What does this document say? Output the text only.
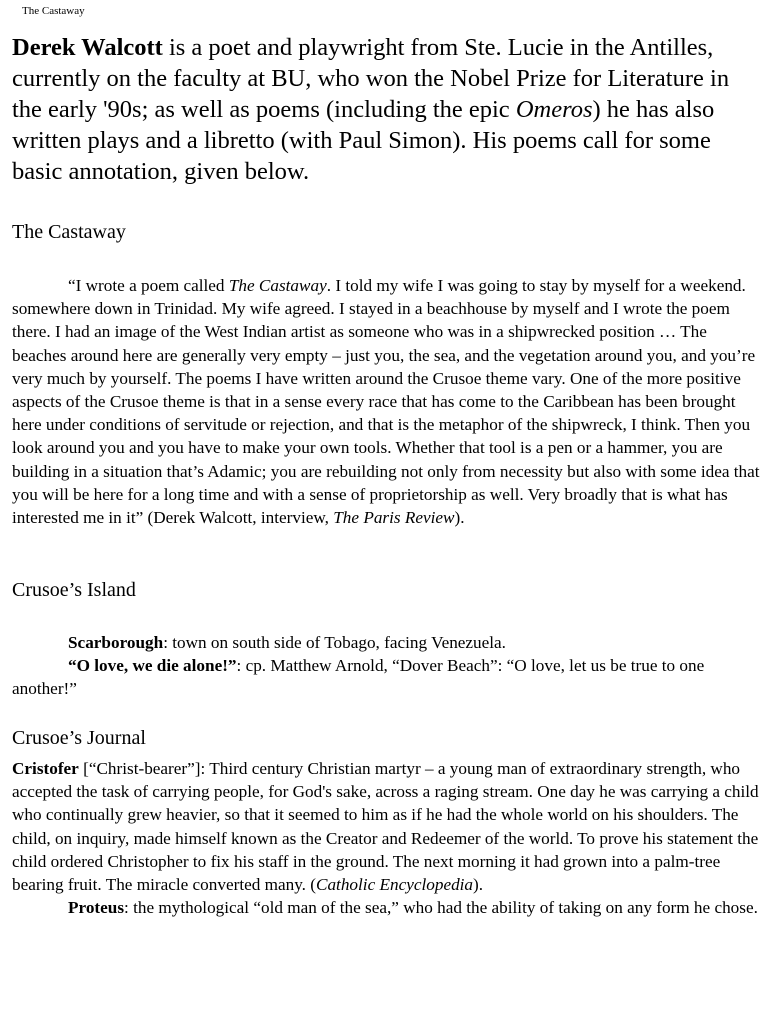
The Castaway
Derek Walcott is a poet and playwright from Ste. Lucie in the Antilles, currently on the faculty at BU, who won the Nobel Prize for Literature in the early '90s; as well as poems (including the epic Omeros) he has also written plays and a libretto (with Paul Simon). His poems call for some basic annotation, given below.
The Castaway
“I wrote a poem called The Castaway. I told my wife I was going to stay by myself for a weekend. somewhere down in Trinidad. My wife agreed. I stayed in a beachhouse by myself and I wrote the poem there. I had an image of the West Indian artist as someone who was in a shipwrecked position … The beaches around here are generally very empty – just you, the sea, and the vegetation around you, and you’re very much by yourself. The poems I have written around the Crusoe theme vary. One of the more positive aspects of the Crusoe theme is that in a sense every race that has come to the Caribbean has been brought here under conditions of servitude or rejection, and that is the metaphor of the shipwreck, I think. Then you look around you and you have to make your own tools. Whether that tool is a pen or a hammer, you are building in a situation that’s Adamic; you are rebuilding not only from necessity but also with some idea that you will be here for a long time and with a sense of proprietorship as well. Very broadly that is what has interested me in it” (Derek Walcott, interview, The Paris Review).
Crusoe’s Island

Scarborough: town on south side of Tobago, facing Venezuela.

“O love, we die alone!”: cp. Matthew Arnold, “Dover Beach”: “O love, let us be true to one another!”

Crusoe’s Journal

Cristofer [“Christ-bearer”]: Third century Christian martyr – a young man of extraordinary strength, who accepted the task of carrying people, for God's sake, across a raging stream. One day he was carrying a child who continually grew heavier, so that it seemed to him as if he had the whole world on his shoulders. The child, on inquiry, made himself known as the Creator and Redeemer of the world. To prove his statement the child ordered Christopher to fix his staff in the ground. The next morning it had grown into a palm-tree bearing fruit. The miracle converted many. (Catholic Encyclopedia).

Proteus: the mythological “old man of the sea,” who had the ability of taking on any form he chose.
